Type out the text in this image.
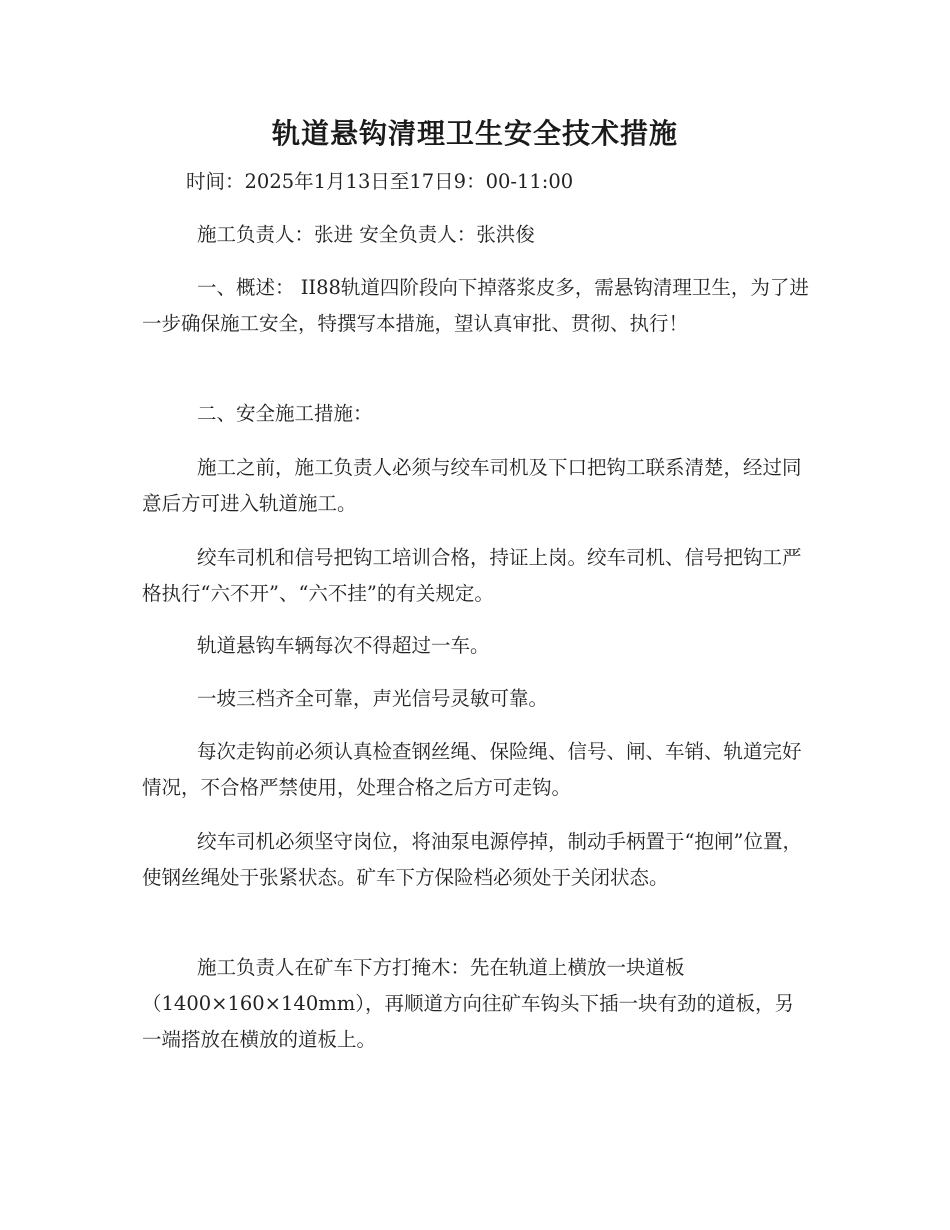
轨道悬钩清理卫生安全技术措施
时间：2025年1月13日至17日9：00-11:00
施工负责人：张进 安全负责人：张洪俊

一、概述： II88轨道四阶段向下掉落浆皮多，需悬钩清理卫生，为了进一步确保施工安全，特撰写本措施，望认真审批、贯彻、执行！

二、安全施工措施：

施工之前，施工负责人必须与绞车司机及下口把钩工联系清楚，经过同意后方可进入轨道施工。

绞车司机和信号把钩工培训合格，持证上岗。绞车司机、信号把钩工严格执行“六不开”、“六不挂”的有关规定。

轨道悬钩车辆每次不得超过一车。

一坡三档齐全可靠，声光信号灵敏可靠。

每次走钩前必须认真检查钢丝绳、保险绳、信号、闸、车销、轨道完好情况，不合格严禁使用，处理合格之后方可走钩。

绞车司机必须坚守岗位，将油泵电源停掉，制动手柄置于“抱闸”位置，使钢丝绳处于张紧状态。矿车下方保险档必须处于关闭状态。

施工负责人在矿车下方打掩木：先在轨道上横放一块道板（1400×160×140mm），再顺道方向往矿车钩头下插一块有劲的道板，另一端搭放在横放的道板上。
